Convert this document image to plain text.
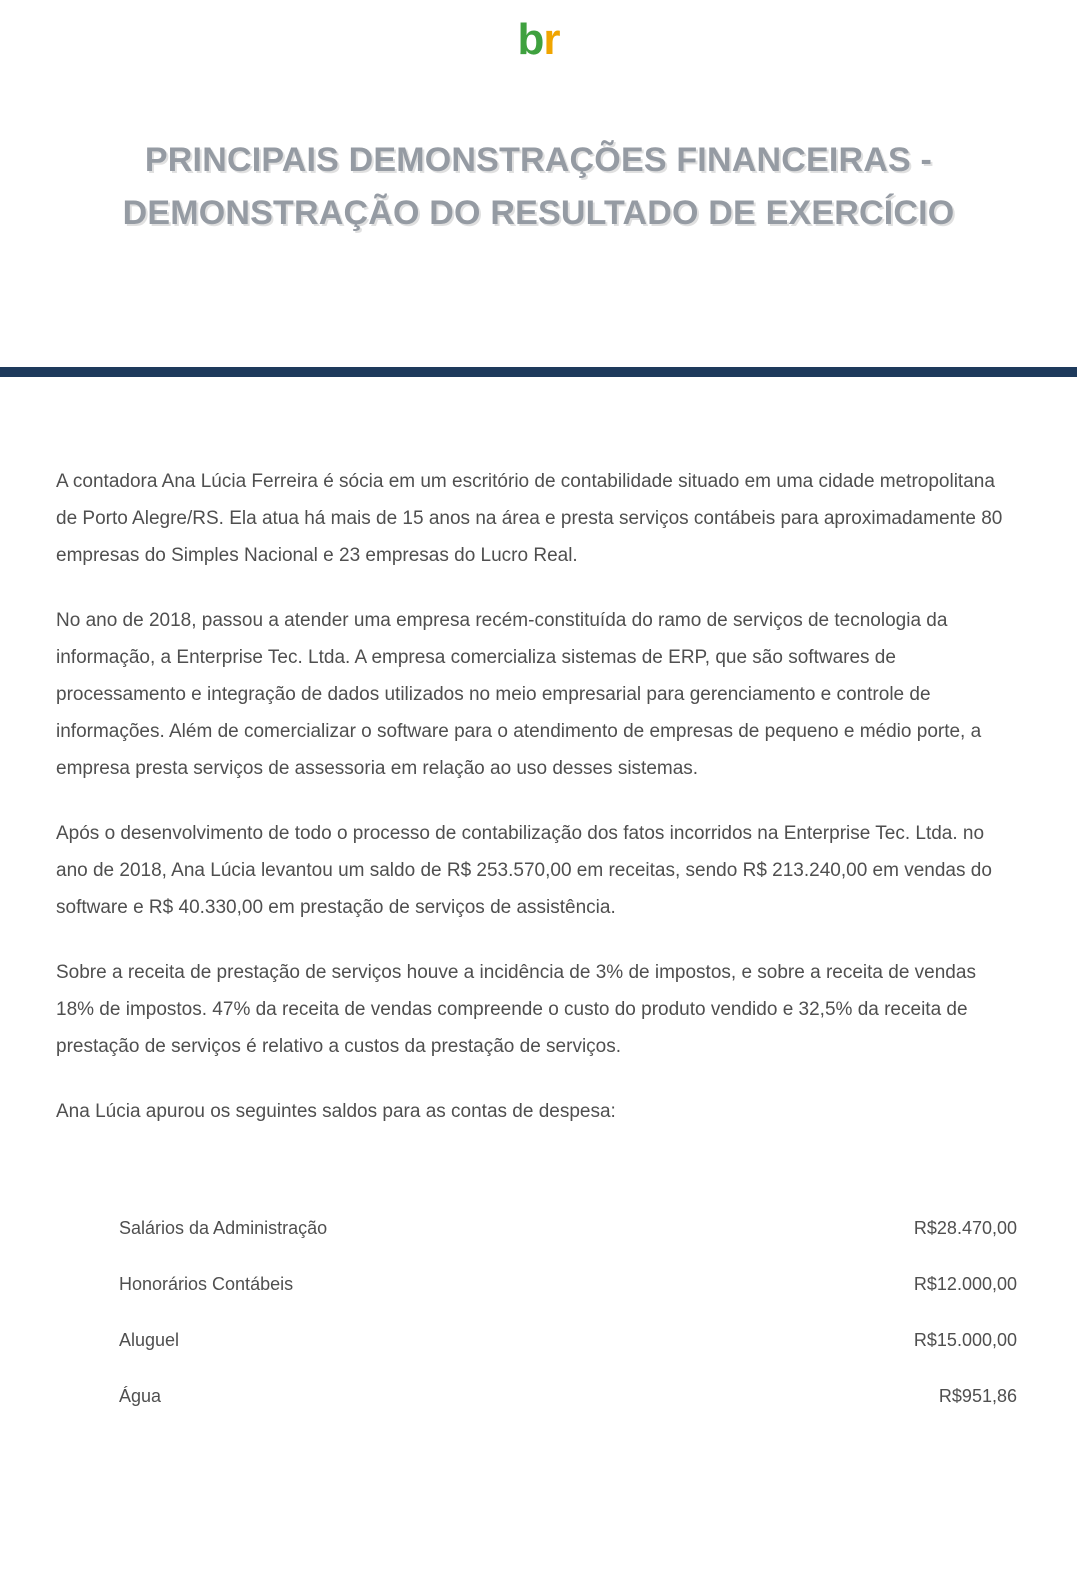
br
PRINCIPAIS DEMONSTRAÇÕES FINANCEIRAS - DEMONSTRAÇÃO DO RESULTADO DE EXERCÍCIO

A contadora Ana Lúcia Ferreira é sócia em um escritório de contabilidade situado em uma cidade metropolitana de Porto Alegre/RS. Ela atua há mais de 15 anos na área e presta serviços contábeis para aproximadamente 80 empresas do Simples Nacional e 23 empresas do Lucro Real.

No ano de 2018, passou a atender uma empresa recém-constituída do ramo de serviços de tecnologia da informação, a Enterprise Tec. Ltda. A empresa comercializa sistemas de ERP, que são softwares de processamento e integração de dados utilizados no meio empresarial para gerenciamento e controle de informações. Além de comercializar o software para o atendimento de empresas de pequeno e médio porte, a empresa presta serviços de assessoria em relação ao uso desses sistemas.

Após o desenvolvimento de todo o processo de contabilização dos fatos incorridos na Enterprise Tec. Ltda. no ano de 2018, Ana Lúcia levantou um saldo de R$ 253.570,00 em receitas, sendo R$ 213.240,00 em vendas do software e R$ 40.330,00 em prestação de serviços de assistência.

Sobre a receita de prestação de serviços houve a incidência de 3% de impostos, e sobre a receita de vendas 18% de impostos. 47% da receita de vendas compreende o custo do produto vendido e 32,5% da receita de prestação de serviços é relativo a custos da prestação de serviços.

Ana Lúcia apurou os seguintes saldos para as contas de despesa:

Salários da Administração	R$28.470,00
Honorários Contábeis	R$12.000,00
Aluguel	R$15.000,00
Água	R$951,86
